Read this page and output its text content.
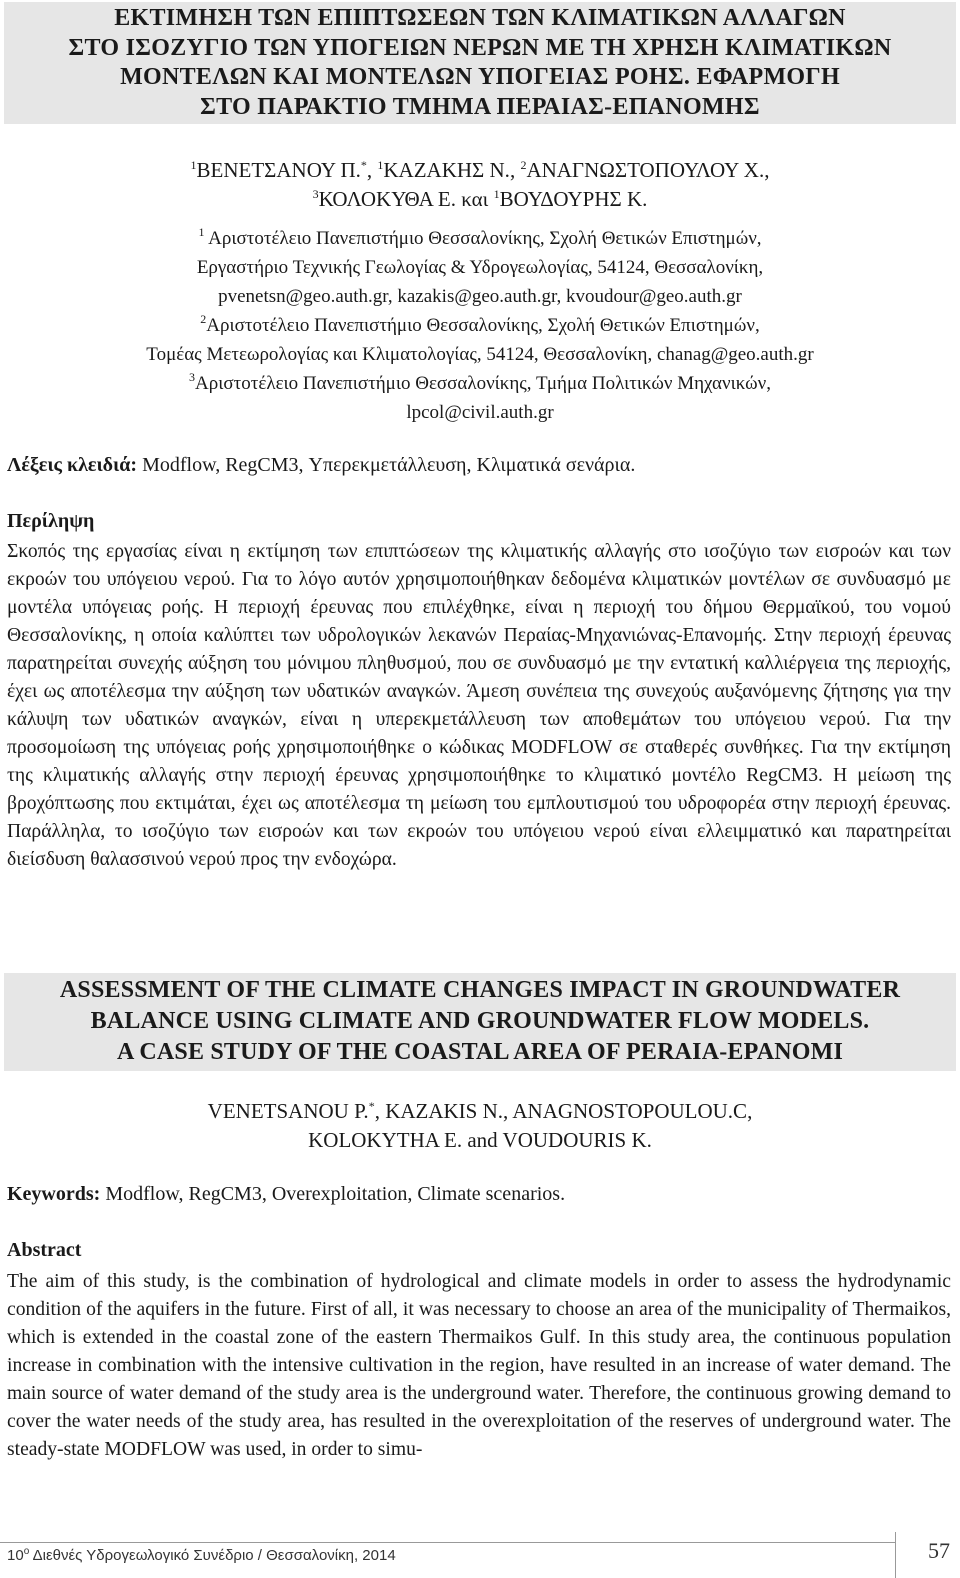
ΕΚΤΙΜΗΣΗ ΤΩΝ ΕΠΙΠΤΩΣΕΩΝ ΤΩΝ ΚΛΙΜΑΤΙΚΩΝ ΑΛΛΑΓΩΝ
ΣΤΟ ΙΣΟΖΥΓΙΟ ΤΩΝ ΥΠΟΓΕΙΩΝ ΝΕΡΩΝ ΜΕ ΤΗ ΧΡΗΣΗ ΚΛΙΜΑΤΙΚΩΝ
ΜΟΝΤΕΛΩΝ ΚΑΙ ΜΟΝΤΕΛΩΝ ΥΠΟΓΕΙΑΣ ΡΟΗΣ. ΕΦΑΡΜΟΓΗ
ΣΤΟ ΠΑΡΑΚΤΙΟ ΤΜΗΜΑ ΠΕΡΑΙΑΣ-ΕΠΑΝΟΜΗΣ
$^1$ΒΕΝΕΤΣΑΝΟΥ Π.*, $^1$ΚΑΖΑΚΗΣ Ν., $^2$ΑΝΑΓΝΩΣΤΟΠΟΥΛΟΥ Χ.,
$^3$ΚΟΛΟΚΥΘΑ Ε. και $^1$ΒΟΥΔΟΥΡΗΣ Κ.
$^1$ Αριστοτέλειο Πανεπιστήμιο Θεσσαλονίκης, Σχολή Θετικών Επιστημών,
Εργαστήριο Τεχνικής Γεωλογίας & Υδρογεωλογίας, 54124, Θεσσαλονίκη,
pvenetsn@geo.auth.gr, kazakis@geo.auth.gr, kvoudour@geo.auth.gr
$^2$Αριστοτέλειο Πανεπιστήμιο Θεσσαλονίκης, Σχολή Θετικών Επιστημών,
Τομέας Μετεωρολογίας και Κλιματολογίας, 54124, Θεσσαλονίκη, chanag@geo.auth.gr
$^3$Αριστοτέλειο Πανεπιστήμιο Θεσσαλονίκης, Τμήμα Πολιτικών Μηχανικών,
lpcol@civil.auth.gr
Λέξεις κλειδιά: Modflow, RegCM3, Υπερεκμετάλλευση, Κλιματικά σενάρια.
Περίληψη
Σκοπός της εργασίας είναι η εκτίμηση των επιπτώσεων της κλιματικής αλλαγής στο ισοζύγιο των εισροών και των εκροών του υπόγειου νερού. Για το λόγο αυτόν χρησιμοποιήθηκαν δεδομένα κλιματικών μοντέλων σε συνδυασμό με μοντέλα υπόγειας ροής. Η περιοχή έρευνας που επιλέχθηκε, είναι η περιοχή του δήμου Θερμαϊκού, του νομού Θεσσαλονίκης, η οποία καλύπτει των υδρολογικών λεκανών Περαίας-Μηχανιώνας-Επανομής. Στην περιοχή έρευνας παρατηρείται συνεχής αύξηση του μόνιμου πληθυσμού, που σε συνδυασμό με την εντατική καλλιέργεια της περιοχής, έχει ως αποτέλεσμα την αύξηση των υδατικών αναγκών. Άμεση συνέπεια της συνεχούς αυξανόμενης ζήτησης για την κάλυψη των υδατικών αναγκών, είναι η υπερεκμετάλλευση των αποθεμάτων του υπόγειου νερού. Για την προσομοίωση της υπόγειας ροής χρησιμοποιήθηκε ο κώδικας MODFLOW σε σταθερές συνθήκες. Για την εκτίμηση της κλιματικής αλλαγής στην περιοχή έρευνας χρησιμοποιήθηκε το κλιματικό μοντέλο RegCM3. Η μείωση της βροχόπτωσης που εκτιμάται, έχει ως αποτέλεσμα τη μείωση του εμπλουτισμού του υδροφορέα στην περιοχή έρευνας. Παράλληλα, το ισοζύγιο των εισροών και των εκροών του υπόγειου νερού είναι ελλειμματικό και παρατηρείται διείσδυση θαλασσινού νερού προς την ενδοχώρα.
ASSESSMENT OF THE CLIMATE CHANGES IMPACT IN GROUNDWATER
BALANCE USING CLIMATE AND GROUNDWATER FLOW MODELS.
A CASE STUDY OF THE COASTAL AREA OF PERAIA-EPANOMI
VENETSANOU P.*, KAZAKIS N., ANAGNOSTOPOULOU.C,
KOLOKYTHA E. and VOUDOURIS K.
Keywords: Modflow, RegCM3, Overexploitation, Climate scenarios.
Abstract
The aim of this study, is the combination of hydrological and climate models in order to assess the hydrodynamic condition of the aquifers in the future. First of all, it was necessary to choose an area of the municipality of Thermaikos, which is extended in the coastal zone of the eastern Thermaikos Gulf. In this study area, the continuous population increase in combination with the intensive cultivation in the region, have resulted in an increase of water demand. The main source of water demand of the study area is the underground water. Therefore, the continuous growing demand to cover the water needs of the study area, has resulted in the overexploitation of the reserves of underground water. The steady-state MODFLOW was used, in order to simu-
$10^o$ Διεθνές Υδρογεωλογικό Συνέδριο / Θεσσαλονίκη, 2014	57
